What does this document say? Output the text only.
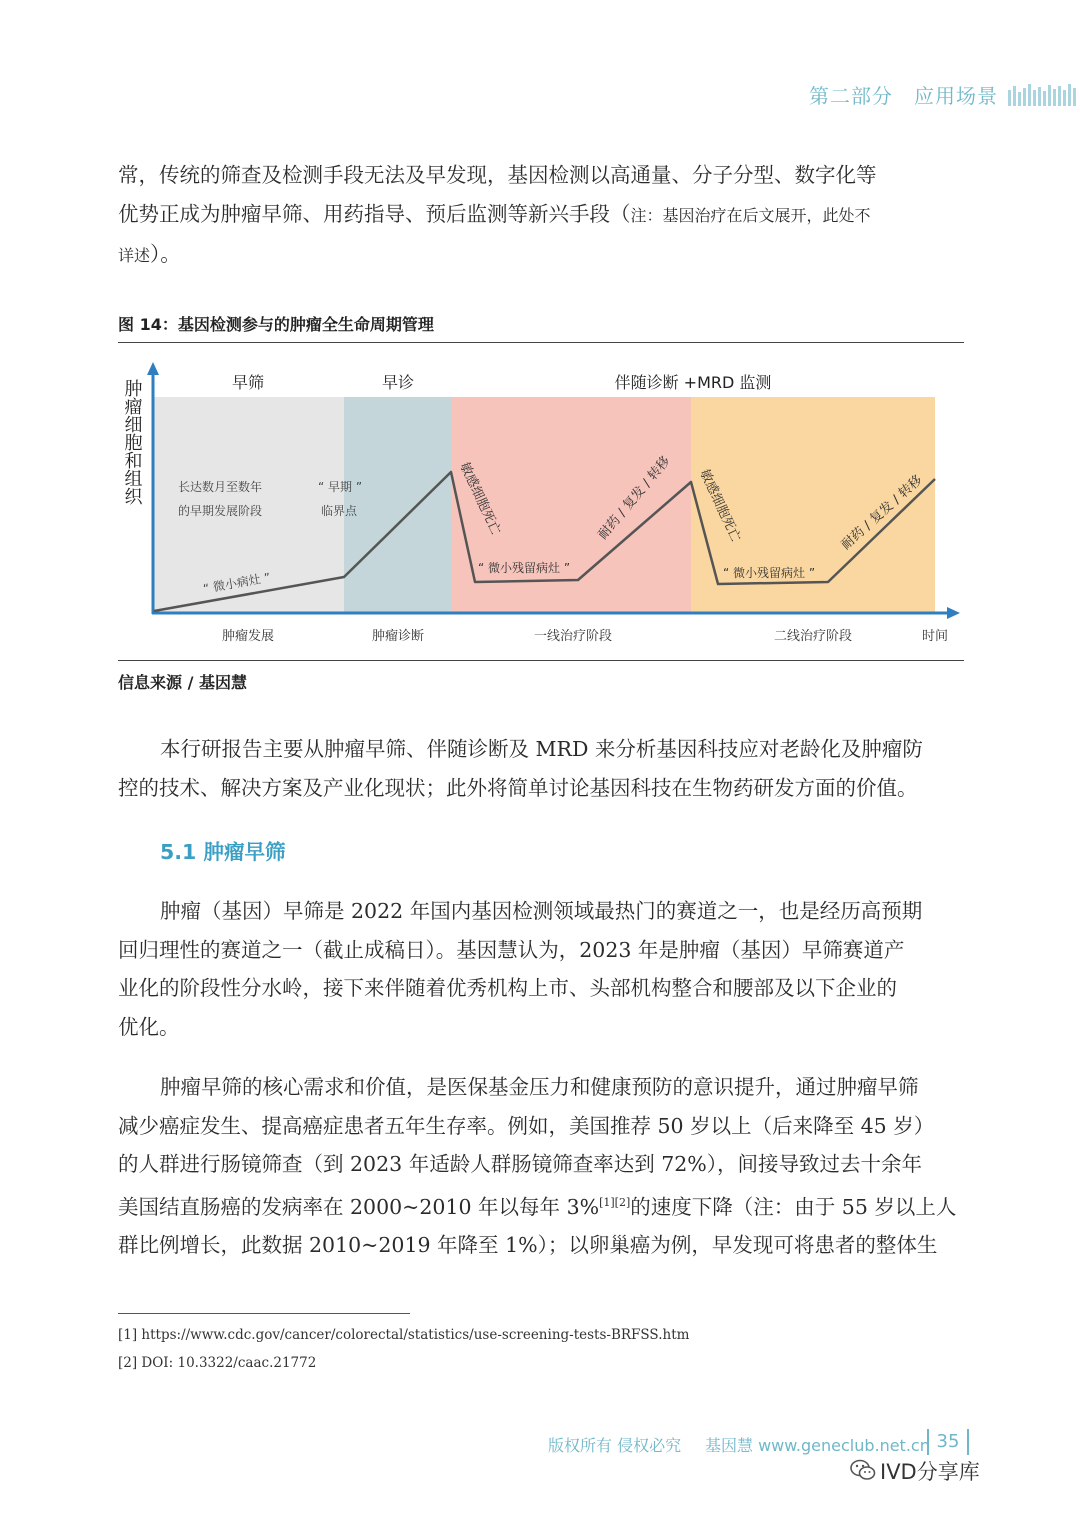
第二部分　应用场景

常，传统的筛查及检测手段无法及早发现，基因检测以高通量、分子分型、数字化等
优势正成为肿瘤早筛、用药指导、预后监测等新兴手段（注：基因治疗在后文展开，此处不
详述）。

图 14：基因检测参与的肿瘤全生命周期管理
早筛	早诊	伴随诊断 +MRD 监测
肿瘤细胞和组织	长达数月至数年
的早期发展阶段
“ 早期 ”
临界点
“ 微小病灶 ”
敏感细胞死亡
“ 微小残留病灶 ”
耐药 / 复发 / 转移 敏感细胞死亡
“ 微小残留病灶 ”
耐药 / 复发 / 转移
肿瘤发展	肿瘤诊断	一线治疗阶段	二线治疗阶段	时间
信息来源 / 基因慧

本行研报告主要从肿瘤早筛、伴随诊断及 MRD 来分析基因科技应对老龄化及肿瘤防
控的技术、解决方案及产业化现状；此外将简单讨论基因科技在生物药研发方面的价值。

5.1 肿瘤早筛

肿瘤（基因）早筛是 2022 年国内基因检测领域最热门的赛道之一，也是经历高预期
回归理性的赛道之一（截止成稿日）。基因慧认为，2023 年是肿瘤（基因）早筛赛道产
业化的阶段性分水岭，接下来伴随着优秀机构上市、头部机构整合和腰部及以下企业的
优化。

肿瘤早筛的核心需求和价值，是医保基金压力和健康预防的意识提升，通过肿瘤早筛
减少癌症发生、提高癌症患者五年生存率。例如，美国推荐 50 岁以上（后来降至 45 岁）
的人群进行肠镜筛查（到 2023 年适龄人群肠镜筛查率达到 72%），间接导致过去十余年
美国结直肠癌的发病率在 2000~2010 年以每年 3%[1][2]的速度下降（注：由于 55 岁以上人
群比例增长，此数据 2010~2019 年降至 1%）；以卵巢癌为例，早发现可将患者的整体生

[1] https://www.cdc.gov/cancer/colorectal/statistics/use-screening-tests-BRFSS.htm
[2] DOI: 10.3322/caac.21772
版权所有 侵权必究 基因慧 www.geneclub.net.cn 35
IVD分享库
